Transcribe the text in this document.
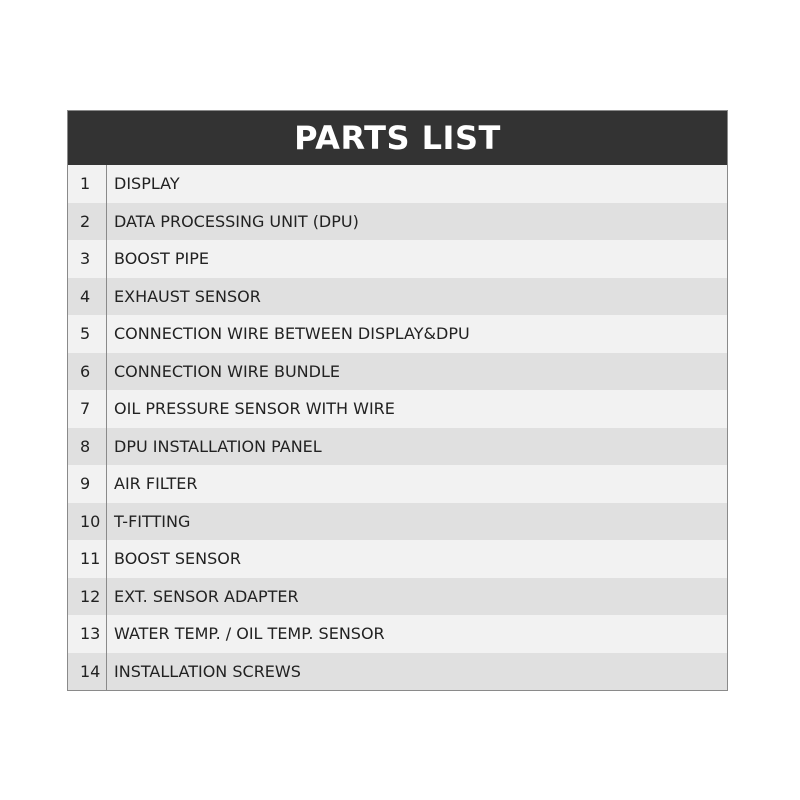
PARTS LIST
1	DISPLAY
2	DATA PROCESSING UNIT (DPU)
3	BOOST PIPE
4	EXHAUST SENSOR
5	CONNECTION WIRE BETWEEN DISPLAY&DPU
6	CONNECTION WIRE BUNDLE
7	OIL PRESSURE SENSOR WITH WIRE
8	DPU INSTALLATION PANEL
9	AIR FILTER
10 T-FITTING
11 BOOST SENSOR
12 EXT. SENSOR ADAPTER
13 WATER TEMP. / OIL TEMP. SENSOR
14 INSTALLATION SCREWS
